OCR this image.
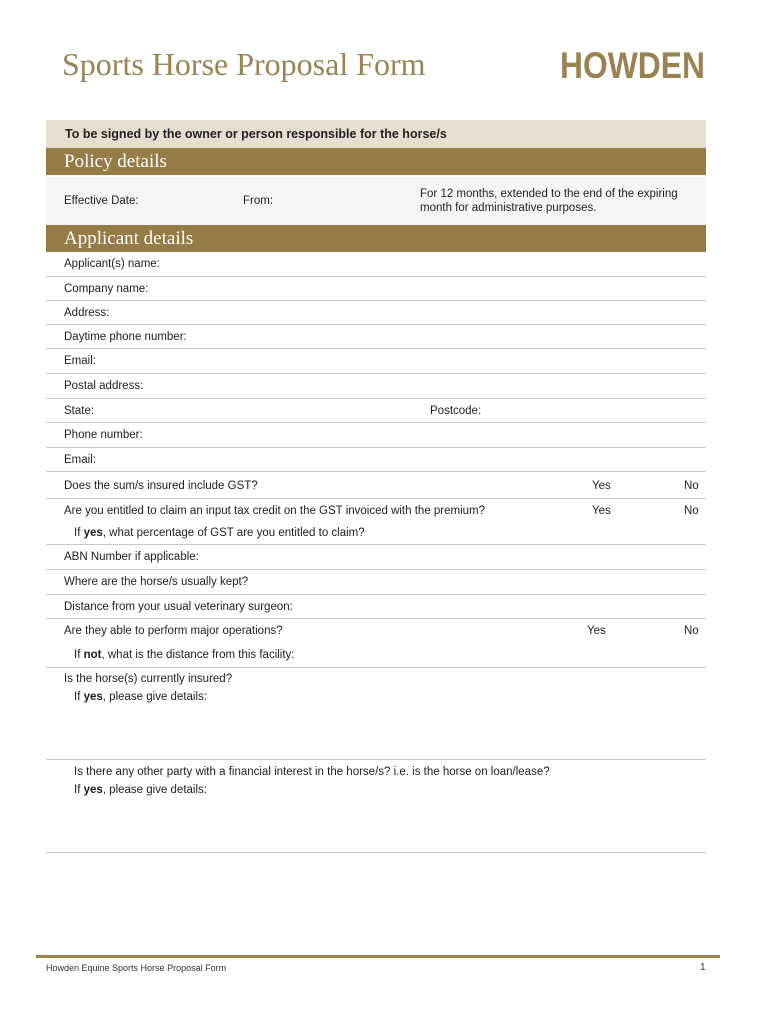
Sports Horse Proposal Form	HOWDEN
To be signed by the owner or person responsible for the horse/s
Policy details
Effective Date:	From:
For 12 months, extended to the end of the expiring
month for administrative purposes.
Applicant details
Applicant(s) name:
Company name:
Address:
Daytime phone number:
Email:
Postal address:
State:	Postcode:
Phone number:
Email:
Does the sum/s insured include GST?	Yes	No
Are you entitled to claim an input tax credit on the GST invoiced with the premium?	Yes	No
If yes, what percentage of GST are you entitled to claim?
ABN Number if applicable:
Where are the horse/s usually kept?
Distance from your usual veterinary surgeon:
Are they able to perform major operations?	Yes	No
If not, what is the distance from this facility:
Is the horse(s) currently insured?
If yes, please give details:
Is there any other party with a financial interest in the horse/s? i.e. is the horse on loan/lease?
If yes, please give details:
Howden Equine Sports Horse Proposal Form	1
